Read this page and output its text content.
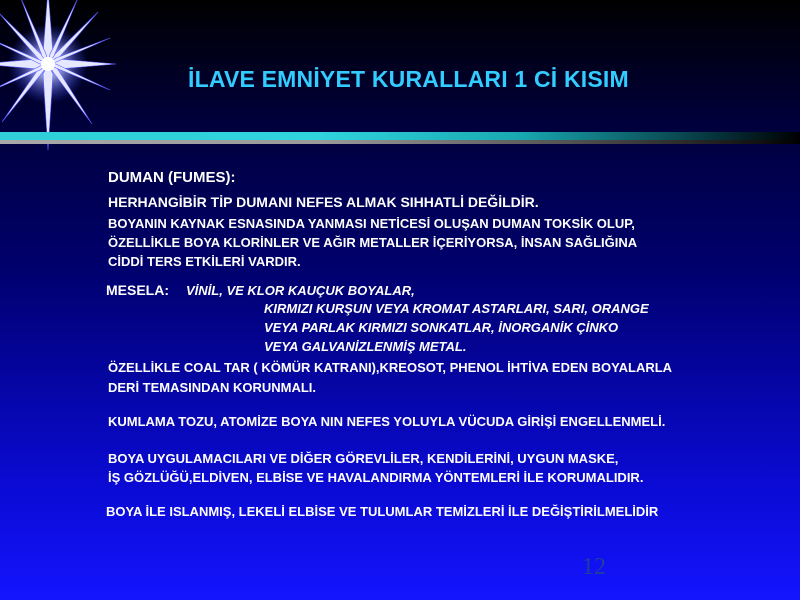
İLAVE EMNİYET KURALLARI 1 Cİ KISIM
DUMAN (FUMES):
HERHANGİBİR TİP DUMANI NEFES ALMAK SIHHATLİ DEĞİLDİR.
BOYANIN KAYNAK ESNASINDA YANMASI NETİCESİ OLUŞAN DUMAN TOKSİK OLUP,
ÖZELLİKLE BOYA KLORİNLER VE AĞIR METALLER İÇERİYORSA, İNSAN SAĞLIĞINA
CİDDİ TERS ETKİLERİ VARDIR.
MESELA: VİNİL, VE KLOR KAUÇUK BOYALAR,
KIRMIZI KURŞUN VEYA KROMAT ASTARLARI, SARI, ORANGE
VEYA PARLAK KIRMIZI SONKATLAR, İNORGANİK ÇİNKO
VEYA GALVANİZLENMİŞ METAL.
ÖZELLİKLE COAL TAR ( KÖMÜR KATRANI),KREOSOT, PHENOL İHTİVA EDEN BOYALARLA
DERİ TEMASINDAN KORUNMALI.
KUMLAMA TOZU, ATOMİZE BOYA NIN NEFES YOLUYLA VÜCUDA GİRİŞİ ENGELLENMELİ.
BOYA UYGULAMACILARI VE DİĞER GÖREVLİLER, KENDİLERİNİ, UYGUN MASKE,
İŞ GÖZLÜĞÜ,ELDİVEN, ELBİSE VE HAVALANDIRMA YÖNTEMLERİ İLE KORUMALIDIR.
BOYA İLE ISLANMIŞ, LEKELİ ELBİSE VE TULUMLAR TEMİZLERİ İLE DEĞİŞTİRİLMELİDİR
12
